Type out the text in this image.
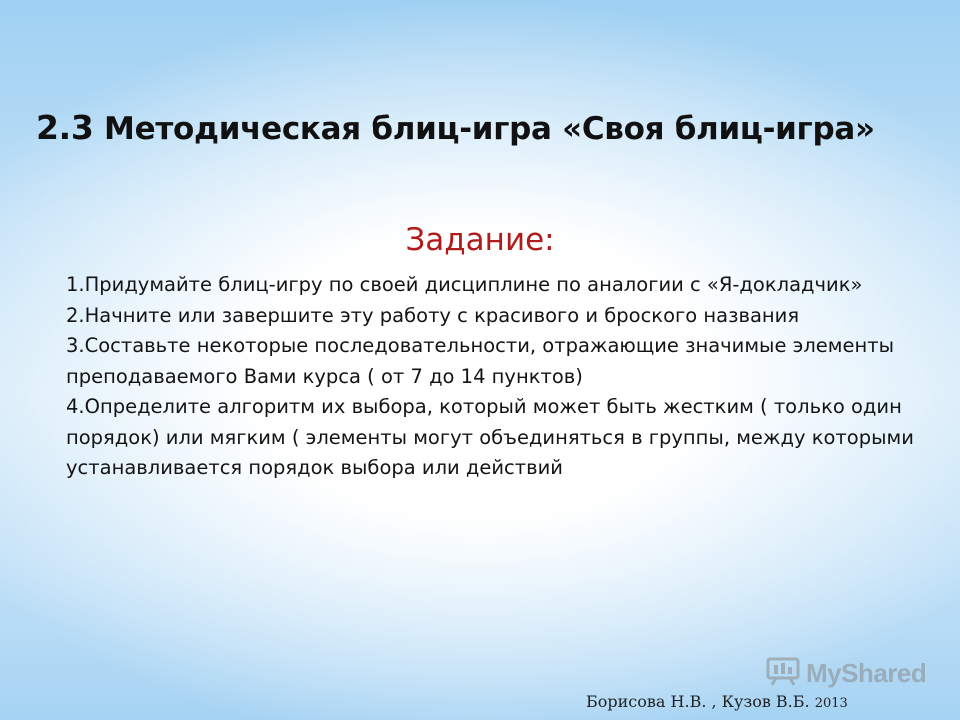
2.3 Методическая блиц-игра «Своя блиц-игра»
Задание:
1.Придумайте блиц-игру по своей дисциплине по аналогии с «Я-докладчик»
2.Начните или завершите эту работу с красивого и броского названия
3.Составьте некоторые последовательности, отражающие значимые элементы преподаваемого Вами курса ( от 7 до 14 пунктов)
4.Определите алгоритм их выбора, который может быть жестким ( только один порядок) или мягким ( элементы могут объединяться в группы, между которыми устанавливается порядок выбора или действий
MyShared
Борисова Н.В. , Кузов В.Б. 2013
